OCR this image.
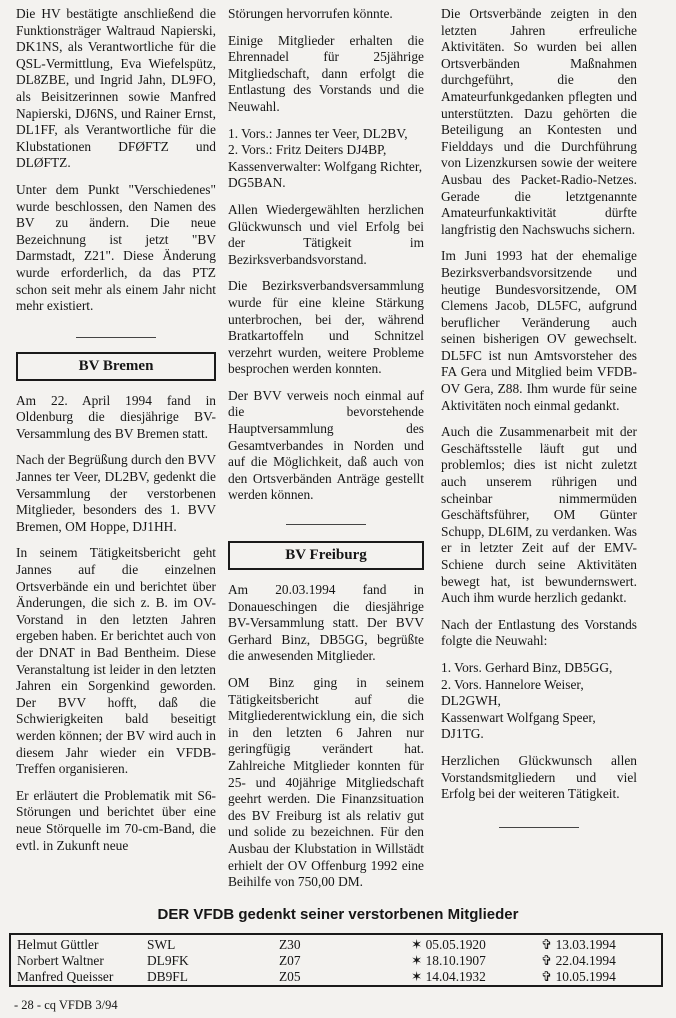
Die HV bestätigte anschließend die Funktionsträger Waltraud Napierski, DK1NS, als Verantwortliche für die QSL-Vermittlung, Eva Wiefelspütz, DL8ZBE, und Ingrid Jahn, DL9FO, als Beisitzerinnen sowie Manfred Napierski, DJ6NS, und Rainer Ernst, DL1FF, als Verantwortliche für die Klubstationen DFØFTZ und DLØFTZ.

Unter dem Punkt "Verschiedenes" wurde beschlossen, den Namen des BV zu ändern. Die neue Bezeichnung ist jetzt "BV Darmstadt, Z21". Diese Änderung wurde erforderlich, da das PTZ schon seit mehr als einem Jahr nicht mehr existiert.

BV Bremen

Am 22. April 1994 fand in Oldenburg die diesjährige BV-Versammlung des BV Bremen statt.

Nach der Begrüßung durch den BVV Jannes ter Veer, DL2BV, gedenkt die Versammlung der verstorbenen Mitglieder, besonders des 1. BVV Bremen, OM Hoppe, DJ1HH.

In seinem Tätigkeitsbericht geht Jannes auf die einzelnen Ortsverbände ein und berichtet über Änderungen, die sich z. B. im OV-Vorstand in den letzten Jahren ergeben haben. Er berichtet auch von der DNAT in Bad Bentheim. Diese Veranstaltung ist leider in den letzten Jahren ein Sorgenkind geworden. Der BVV hofft, daß die Schwierigkeiten bald beseitigt werden können; der BV wird auch in diesem Jahr wieder ein VFDB-Treffen organisieren.

Er erläutert die Problematik mit S6-Störungen und berichtet über eine neue Störquelle im 70-cm-Band, die evtl. in Zukunft neue

Störungen hervorrufen könnte.

Einige Mitglieder erhalten die Ehrennadel für 25jährige Mitgliedschaft, dann erfolgt die Entlastung des Vorstands und die Neuwahl.

1. Vors.: Jannes ter Veer, DL2BV,
2. Vors.: Fritz Deiters DJ4BP,
Kassenverwalter: Wolfgang Richter, DG5BAN.

Allen Wiedergewählten herzlichen Glückwunsch und viel Erfolg bei der Tätigkeit im Bezirksverbandsvorstand.

Die Bezirksverbandsversammlung wurde für eine kleine Stärkung unterbrochen, bei der, während Bratkartoffeln und Schnitzel verzehrt wurden, weitere Probleme besprochen werden konnten.

Der BVV verweis noch einmal auf die bevorstehende Hauptversammlung des Gesamtverbandes in Norden und auf die Möglichkeit, daß auch von den Ortsverbänden Anträge gestellt werden können.

BV Freiburg

Am 20.03.1994 fand in Donaueschingen die diesjährige BV-Versammlung statt. Der BVV Gerhard Binz, DB5GG, begrüßte die anwesenden Mitglieder.

OM Binz ging in seinem Tätigkeitsbericht auf die Mitgliederentwicklung ein, die sich in den letzten 6 Jahren nur geringfügig verändert hat. Zahlreiche Mitglieder konnten für 25- und 40jährige Mitgliedschaft geehrt werden. Die Finanzsituation des BV Freiburg ist als relativ gut und solide zu bezeichnen. Für den Ausbau der Klubstation in Willstädt erhielt der OV Offenburg 1992 eine Beihilfe von 750,00 DM.

Die Ortsverbände zeigten in den letzten Jahren erfreuliche Aktivitäten. So wurden bei allen Ortsverbänden Maßnahmen durchgeführt, die den Amateurfunkgedanken pflegten und unterstützten. Dazu gehörten die Beteiligung an Kontesten und Fielddays und die Durchführung von Lizenzkursen sowie der weitere Ausbau des Packet-Radio-Netzes. Gerade die letztgenannte Amateurfunkaktivität dürfte langfristig den Nachswuchs sichern.

Im Juni 1993 hat der ehemalige Bezirksverbandsvorsitzende und heutige Bundesvorsitzende, OM Clemens Jacob, DL5FC, aufgrund beruflicher Veränderung auch seinen bisherigen OV gewechselt. DL5FC ist nun Amtsvorsteher des FA Gera und Mitglied beim VFDB-OV Gera, Z88. Ihm wurde für seine Aktivitäten noch einmal gedankt.

Auch die Zusammenarbeit mit der Geschäftsstelle läuft gut und problemlos; dies ist nicht zuletzt auch unserem rührigen und scheinbar nimmermüden Geschäftsführer, OM Günter Schupp, DL6IM, zu verdanken. Was er in letzter Zeit auf der EMV-Schiene durch seine Aktivitäten bewegt hat, ist bewundernswert. Auch ihm wurde herzlich gedankt.

Nach der Entlastung des Vorstands folgte die Neuwahl:

1. Vors. Gerhard Binz, DB5GG,
2. Vors. Hannelore Weiser, DL2GWH,
Kassenwart Wolfgang Speer, DJ1TG.

Herzlichen Glückwunsch allen Vorstandsmitgliedern und viel Erfolg bei der weiteren Tätigkeit.

DER VFDB gedenkt seiner verstorbenen Mitglieder
Helmut Güttler	SWL	Z30	✶ 05.05.1920	✞ 13.03.1994
Norbert Waltner	DL9FK	Z07	✶ 18.10.1907	✞ 22.04.1994
Manfred Queisser	DB9FL	Z05	✶ 14.04.1932	✞ 10.05.1994
- 28 - cq VFDB 3/94
